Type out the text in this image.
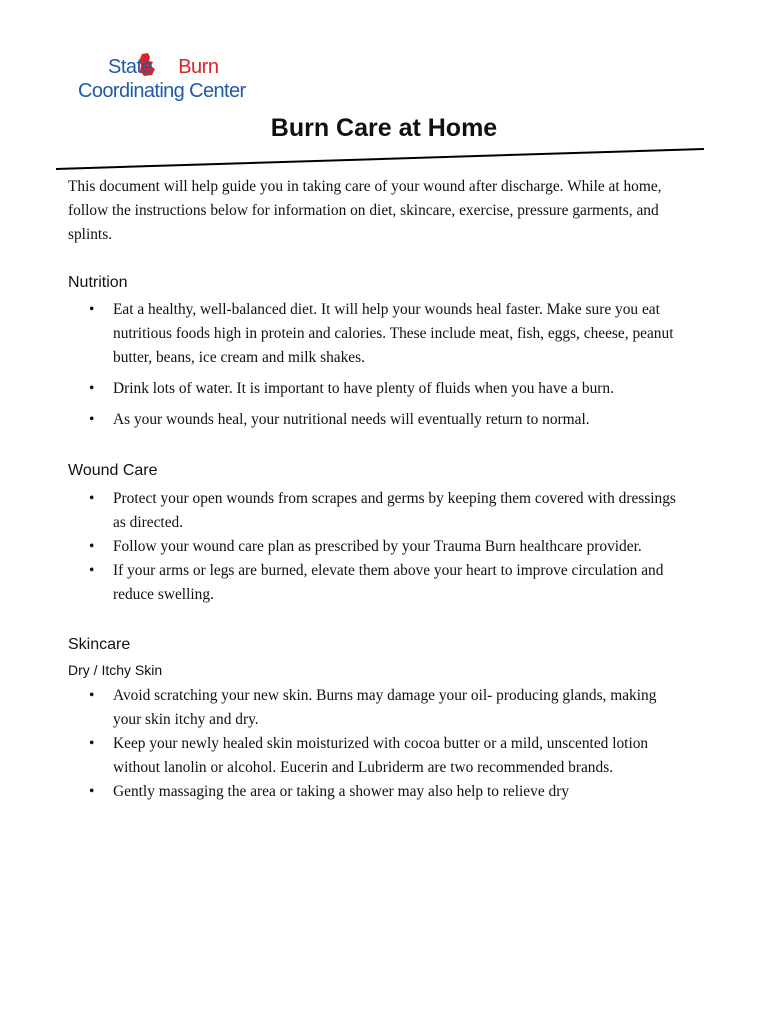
State Burn
Coordinating Center
Burn Care at Home

This document will help guide you in taking care of your wound after discharge. While at home, follow the instructions below for information on diet, skincare, exercise, pressure garments, and splints.

Nutrition
• Eat a healthy, well-balanced diet. It will help your wounds heal faster. Make sure you eat nutritious foods high in protein and calories. These include meat, fish, eggs, cheese, peanut butter, beans, ice cream and milk shakes.
• Drink lots of water. It is important to have plenty of fluids when you have a burn.
• As your wounds heal, your nutritional needs will eventually return to normal.
Wound Care
• Protect your open wounds from scrapes and germs by keeping them covered with dressings as directed.
• Follow your wound care plan as prescribed by your Trauma Burn healthcare provider.
• If your arms or legs are burned, elevate them above your heart to improve circulation and reduce swelling.
Skincare
Dry / Itchy Skin
• Avoid scratching your new skin. Burns may damage your oil- producing glands, making your skin itchy and dry.
• Keep your newly healed skin moisturized with cocoa butter or a mild, unscented lotion without lanolin or alcohol. Eucerin and Lubriderm are two recommended brands.
• Gently massaging the area or taking a shower may also help to relieve dry
